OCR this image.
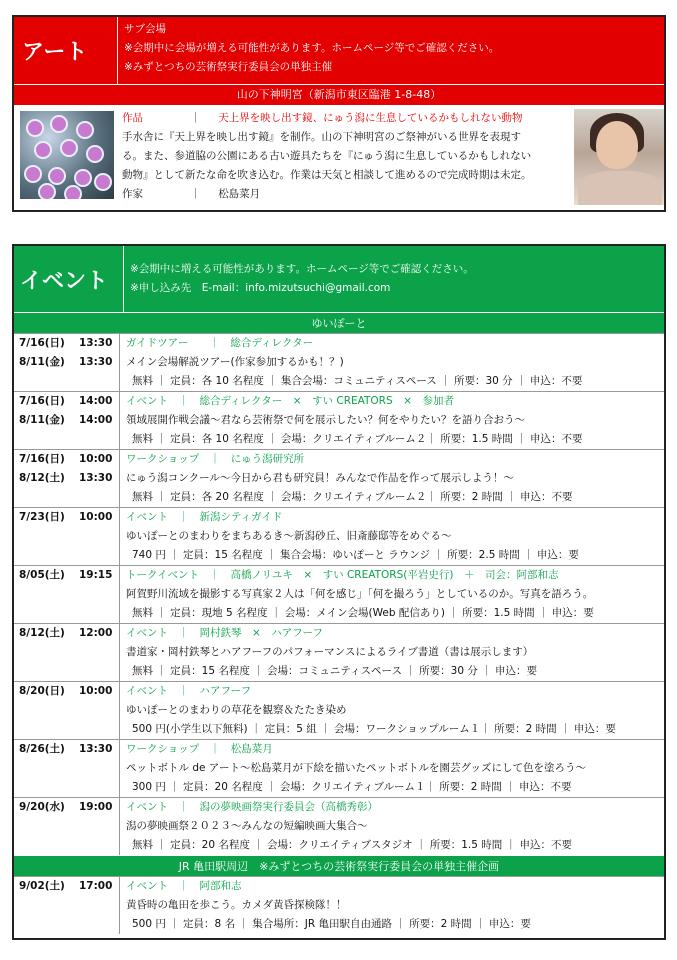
アート
サブ会場
※会期中に会場が増える可能性があります。ホームページ等でご確認ください。
※みずとつちの芸術祭実行委員会の単独主催
山の下神明宮（新潟市東区臨港 1-8-48）
作品	｜ 天上界を映し出す鏡、にゅう潟に生息しているかもしれない動物
手水舎に『天上界を映し出す鏡』を制作。山の下神明宮のご祭神がいる世界を表現す
る。また、参道脇の公園にある古い遊具たちを『にゅう潟に生息しているかもしれない
動物』として新たな命を吹き込む。作業は天気と相談して進めるので完成時期は未定。
作家	｜ 松島菜月
イベント	※会期中に増える可能性があります。ホームページ等でご確認ください。
※申し込み先　E-mail：info.mizutsuchi@gmail.com
ゆいぽーと
7/16(日)	13:30
8/11(金)	13:30
ガイドツアー　　｜　総合ディレクター
メイン会場解説ツアー(作家参加するかも！？)
無料 ｜ 定員：各 10 名程度 ｜ 集合会場：コミュニティスペース ｜ 所要：30 分 ｜ 申込：不要
7/16(日)	14:00
8/11(金)	14:00
イベント　｜　総合ディレクター　×　すい CREATORS　×　参加者
領域展開作戦会議～君なら芸術祭で何を展示したい？何をやりたい？を語り合おう～
無料 ｜ 定員：各 10 名程度 ｜ 会場：クリエイティブルーム２｜ 所要：1.5 時間 ｜ 申込：不要
7/16(日)	10:00
8/12(土)	13:30
ワークショップ　｜　にゅう潟研究所
にゅう潟コンクール～今日から君も研究員！みんなで作品を作って展示しよう！～
無料 ｜ 定員：各 20 名程度 ｜ 会場：クリエイティブルーム２｜ 所要：2 時間 ｜ 申込：不要
7/23(日)	10:00 イベント　｜　新潟シティガイド
ゆいぽーとのまわりをまちあるき～新潟砂丘、旧斎藤邸等をめぐる～
740 円 ｜ 定員：15 名程度 ｜ 集合会場：ゆいぽーと ラウンジ ｜ 所要：2.5 時間 ｜ 申込：要
8/05(土)	19:15 トークイベント　｜　高橋ノリユキ　×　すい CREATORS(平岩史行)　＋　司会：阿部和志
阿賀野川流域を撮影する写真家２人は「何を感じ」「何を撮ろう」としているのか。写真を語ろう。
無料 ｜ 定員：現地 5 名程度 ｜ 会場：メイン会場(Web 配信あり) ｜ 所要：1.5 時間 ｜ 申込：要
8/12(土)	12:00 イベント　｜　岡村鉄琴　×　ハアフーフ
書道家・岡村鉄琴とハアフーフのパフォーマンスによるライブ書道（書は展示します）
無料 ｜ 定員：15 名程度 ｜ 会場：コミュニティスペース ｜ 所要：30 分 ｜ 申込：要
8/20(日)	10:00 イベント　｜　ハアフーフ
ゆいぽーとのまわりの草花を観察＆たたき染め
500 円(小学生以下無料) ｜ 定員：5 組 ｜ 会場：ワークショップルーム１｜ 所要：2 時間 ｜ 申込：要
8/26(土)	13:30 ワークショップ　｜　松島菜月
ペットボトル de アート～松島菜月が下絵を描いたペットボトルを園芸グッズにして色を塗ろう～
300 円 ｜ 定員：20 名程度 ｜ 会場：クリエイティブルーム１｜ 所要：2 時間 ｜ 申込：不要
9/20(水)	19:00 イベント　｜　潟の夢映画祭実行委員会（高橋秀彰）
潟の夢映画祭２０２３～みんなの短編映画大集合～
無料 ｜ 定員：20 名程度 ｜ 会場：クリエイティブスタジオ ｜ 所要：1.5 時間 ｜ 申込：不要
JR 亀田駅周辺　※みずとつちの芸術祭実行委員会の単独主催企画
9/02(土)	17:00 イベント　｜　阿部和志
黄昏時の亀田を歩こう。カメダ黄昏探検隊！！
500 円 ｜ 定員：8 名 ｜ 集合場所：JR 亀田駅自由通路 ｜ 所要：2 時間 ｜ 申込：要
